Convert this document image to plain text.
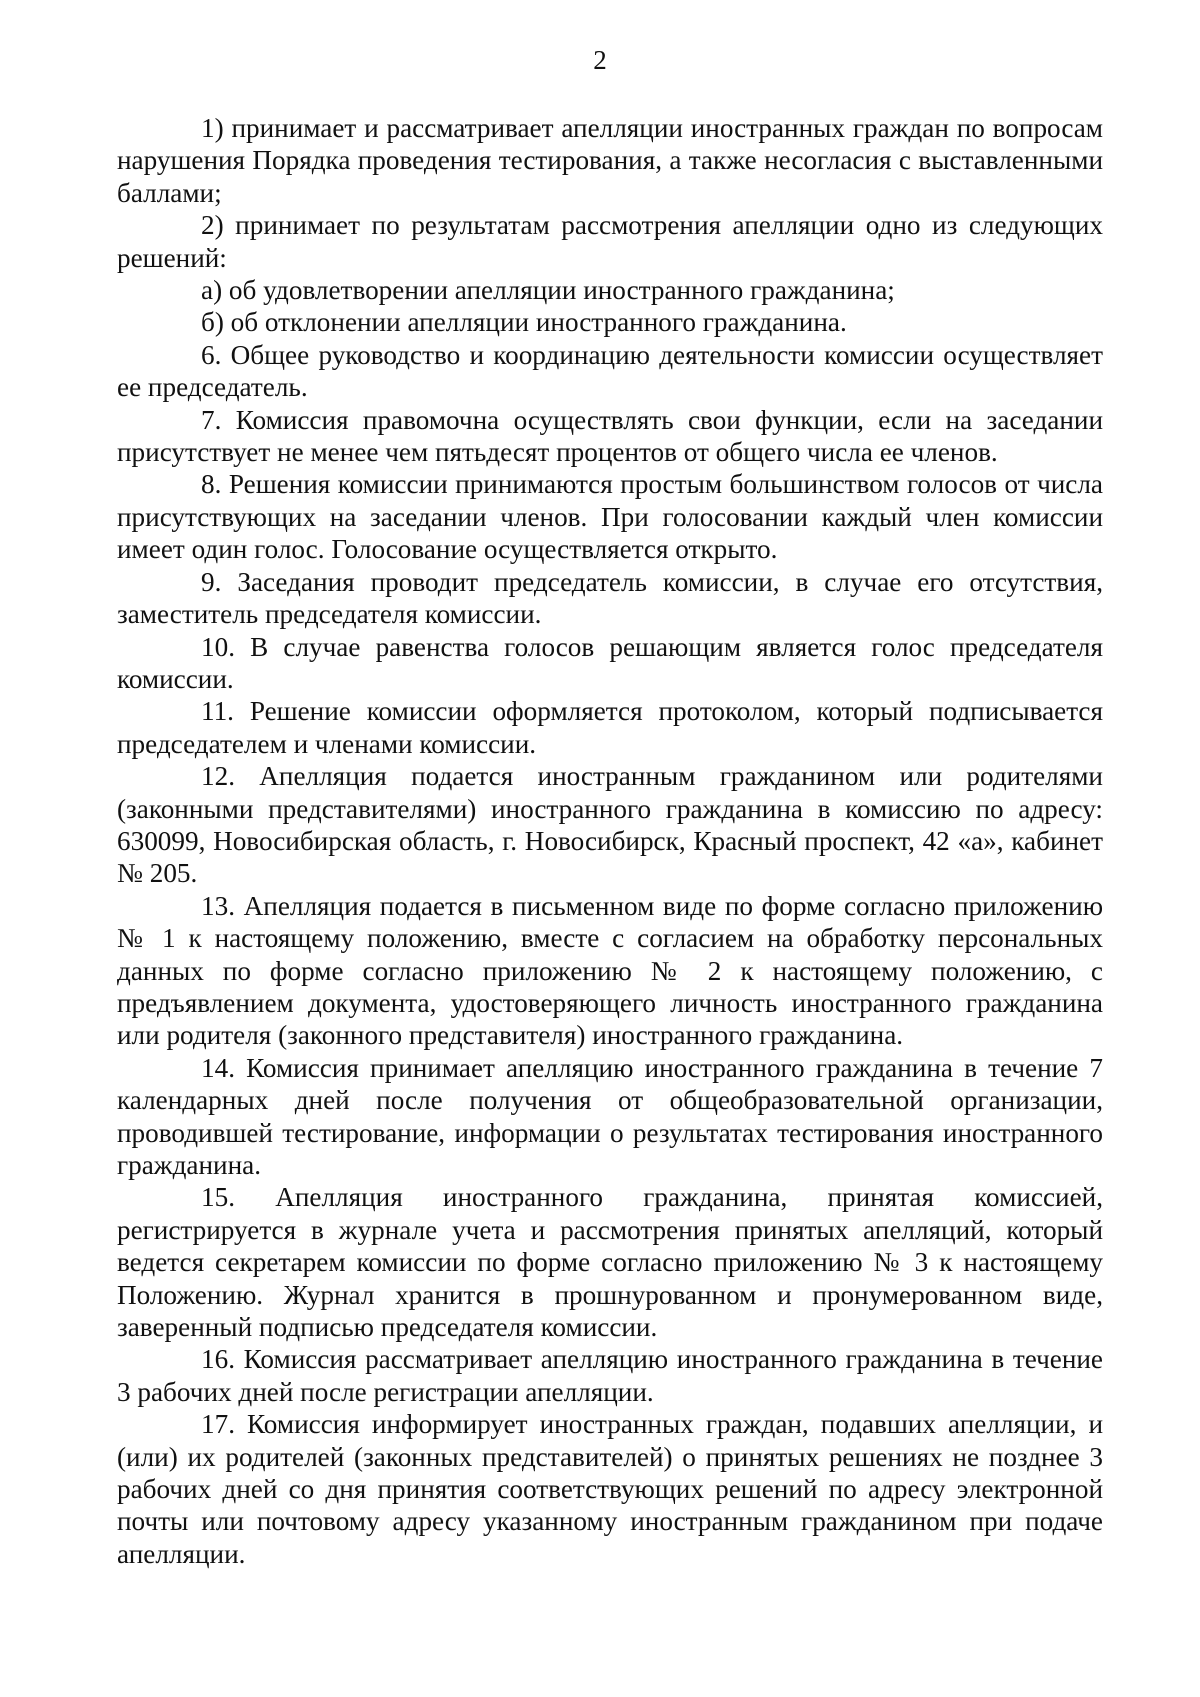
2

1) принимает и рассматривает апелляции иностранных граждан по вопросам нарушения Порядка проведения тестирования, а также несогласия с выставленными баллами;

2) принимает по результатам рассмотрения апелляции одно из следующих решений:

а) об удовлетворении апелляции иностранного гражданина;

б) об отклонении апелляции иностранного гражданина.

6. Общее руководство и координацию деятельности комиссии осуществляет ее председатель.

7. Комиссия правомочна осуществлять свои функции, если на заседании присутствует не менее чем пятьдесят процентов от общего числа ее членов.

8. Решения комиссии принимаются простым большинством голосов от числа присутствующих на заседании членов. При голосовании каждый член комиссии имеет один голос. Голосование осуществляется открыто.

9. Заседания проводит председатель комиссии, в случае его отсутствия, заместитель председателя комиссии.

10. В случае равенства голосов решающим является голос председателя комиссии.

11. Решение комиссии оформляется протоколом, который подписывается председателем и членами комиссии.

12. Апелляция подается иностранным гражданином или родителями (законными представителями) иностранного гражданина в комиссию по адресу: 630099, Новосибирская область, г. Новосибирск, Красный проспект, 42 «а», кабинет № 205.

13. Апелляция подается в письменном виде по форме согласно приложению № 1 к настоящему положению, вместе с согласием на обработку персональных данных по форме согласно приложению № 2 к настоящему положению, с предъявлением документа, удостоверяющего личность иностранного гражданина или родителя (законного представителя) иностранного гражданина.

14. Комиссия принимает апелляцию иностранного гражданина в течение 7 календарных дней после получения от общеобразовательной организации, проводившей тестирование, информации о результатах тестирования иностранного гражданина.

15. Апелляция иностранного гражданина, принятая комиссией, регистрируется в журнале учета и рассмотрения принятых апелляций, который ведется секретарем комиссии по форме согласно приложению № 3 к настоящему Положению. Журнал хранится в прошнурованном и пронумерованном виде, заверенный подписью председателя комиссии.

16. Комиссия рассматривает апелляцию иностранного гражданина в течение 3 рабочих дней после регистрации апелляции.

17. Комиссия информирует иностранных граждан, подавших апелляции, и (или) их родителей (законных представителей) о принятых решениях не позднее 3 рабочих дней со дня принятия соответствующих решений по адресу электронной почты или почтовому адресу указанному иностранным гражданином при подаче апелляции.
